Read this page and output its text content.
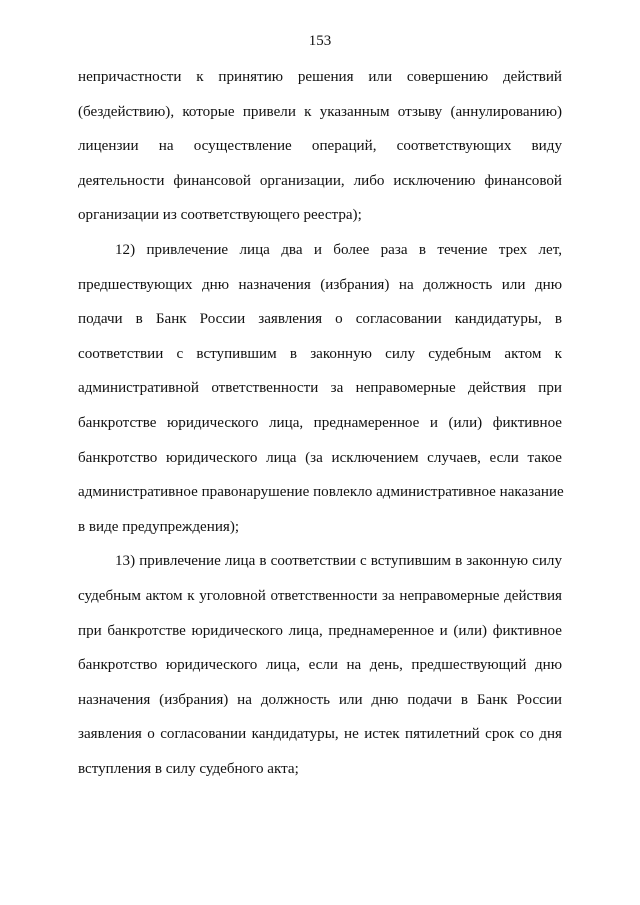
153
непричастности к принятию решения или совершению действий
(бездействию), которые привели к указанным отзыву (аннулированию)
лицензии на осуществление операций, соответствующих виду
деятельности финансовой организации, либо исключению финансовой
организации из соответствующего реестра);
12) привлечение лица два и более раза в течение трех лет,
предшествующих дню назначения (избрания) на должность или дню
подачи в Банк России заявления о согласовании кандидатуры, в
соответствии с вступившим в законную силу судебным актом к
административной ответственности за неправомерные действия при
банкротстве юридического лица, преднамеренное и (или) фиктивное
банкротство юридического лица (за исключением случаев, если такое
административное правонарушение повлекло административное наказание
в виде предупреждения);
13) привлечение лица в соответствии с вступившим в законную силу
судебным актом к уголовной ответственности за неправомерные действия
при банкротстве юридического лица, преднамеренное и (или) фиктивное
банкротство юридического лица, если на день, предшествующий дню
назначения (избрания) на должность или дню подачи в Банк России
заявления о согласовании кандидатуры, не истек пятилетний срок со дня
вступления в силу судебного акта;
